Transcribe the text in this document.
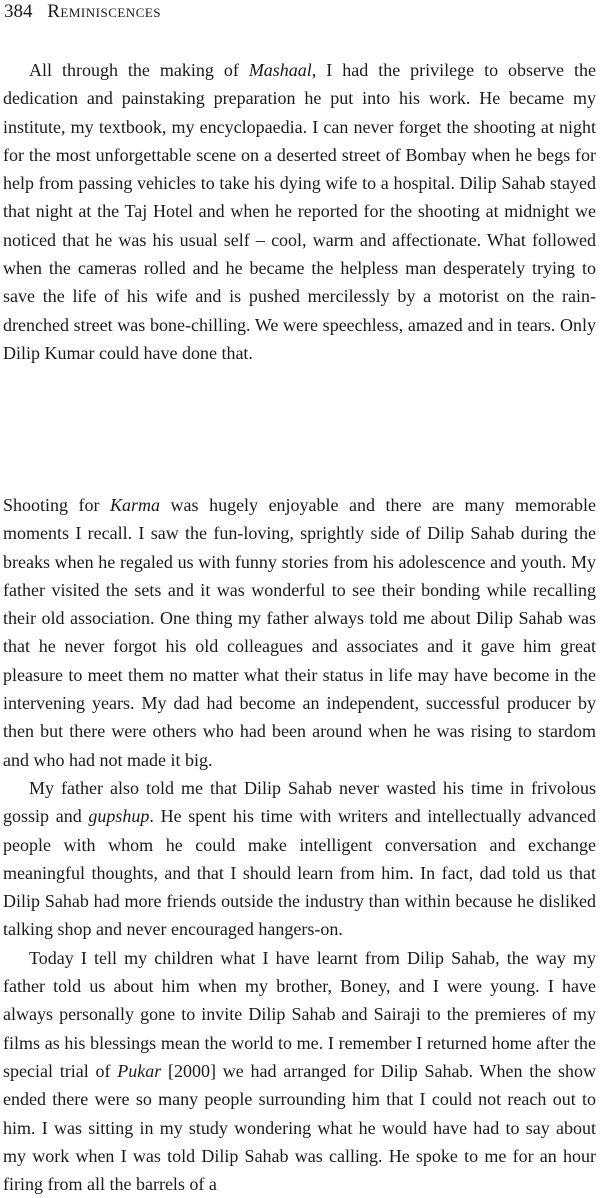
384 Reminiscences

All through the making of Mashaal, I had the privilege to observe the dedication and painstaking preparation he put into his work. He became my institute, my textbook, my encyclopaedia. I can never forget the shooting at night for the most unforgettable scene on a deserted street of Bombay when he begs for help from passing vehicles to take his dying wife to a hospital. Dilip Sahab stayed that night at the Taj Hotel and when he reported for the shooting at midnight we noticed that he was his usual self – cool, warm and affectionate. What followed when the cameras rolled and he became the helpless man desperately trying to save the life of his wife and is pushed mercilessly by a motorist on the rain-drenched street was bone-chilling. We were speechless, amazed and in tears. Only Dilip Kumar could have done that.

Shooting for Karma was hugely enjoyable and there are many memorable moments I recall. I saw the fun-loving, sprightly side of Dilip Sahab during the breaks when he regaled us with funny stories from his adolescence and youth. My father visited the sets and it was wonderful to see their bonding while recalling their old association. One thing my father always told me about Dilip Sahab was that he never forgot his old colleagues and associates and it gave him great pleasure to meet them no matter what their status in life may have become in the intervening years. My dad had become an independent, successful producer by then but there were others who had been around when he was rising to stardom and who had not made it big.

My father also told me that Dilip Sahab never wasted his time in frivolous gossip and gupshup. He spent his time with writers and intellectually advanced people with whom he could make intelligent conversation and exchange meaningful thoughts, and that I should learn from him. In fact, dad told us that Dilip Sahab had more friends outside the industry than within because he disliked talking shop and never encouraged hangers-on.

Today I tell my children what I have learnt from Dilip Sahab, the way my father told us about him when my brother, Boney, and I were young. I have always personally gone to invite Dilip Sahab and Sairaji to the premieres of my films as his blessings mean the world to me. I remember I returned home after the special trial of Pukar [2000] we had arranged for Dilip Sahab. When the show ended there were so many people surrounding him that I could not reach out to him. I was sitting in my study wondering what he would have had to say about my work when I was told Dilip Sahab was calling. He spoke to me for an hour firing from all the barrels of a
